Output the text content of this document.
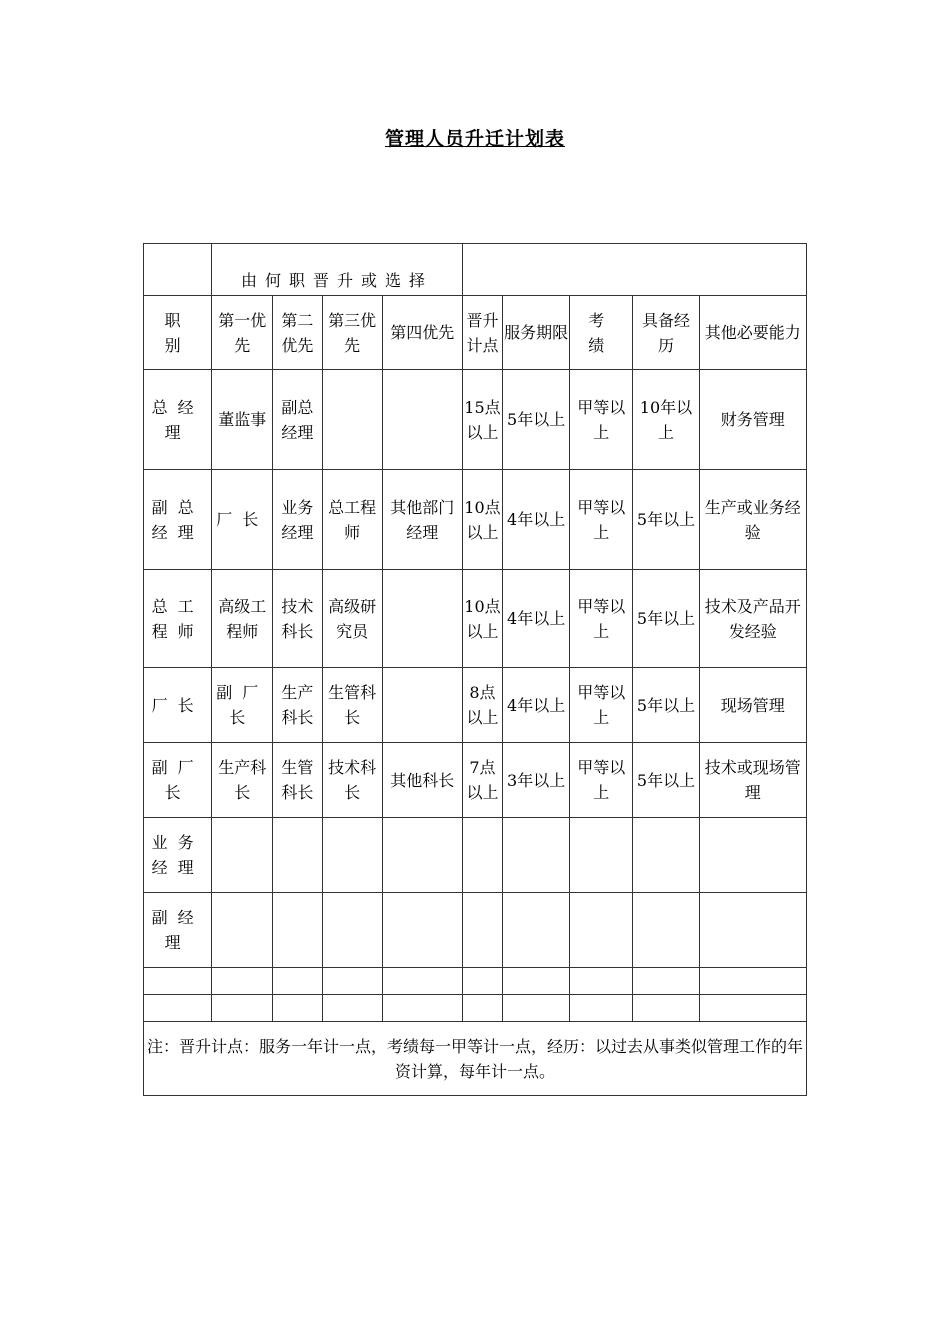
管理人员升迁计划表
	由何职晋升或选择								
职 别	第一优先	第二优先	第三优先	第四优先	晋升计点	服务期限	考 绩	具备经历	其他必要能力
总经理	董监事	副总经理			15点以上	5年以上	甲等以上	10年以上	财务管理
副总经理	厂长	业务经理	总工程师	其他部门经理	10点以上	4年以上	甲等以上	5年以上	生产或业务经验
总工程师	高级工程师	技术科长	高级研究员		10点以上	4年以上	甲等以上	5年以上	技术及产品开发经验
厂长	副厂长	生产科长	生管科长		8点以上	4年以上	甲等以上	5年以上	现场管理
副厂长	生产科长	生管科长	技术科长	其他科长	7点以上	3年以上	甲等以上	5年以上	技术或现场管理
业务经理									
副经理									

注：晋升计点：服务一年计一点，考绩每一甲等计一点，经历：以过去从事类似管理工作的年资计算，每年计一点。									
